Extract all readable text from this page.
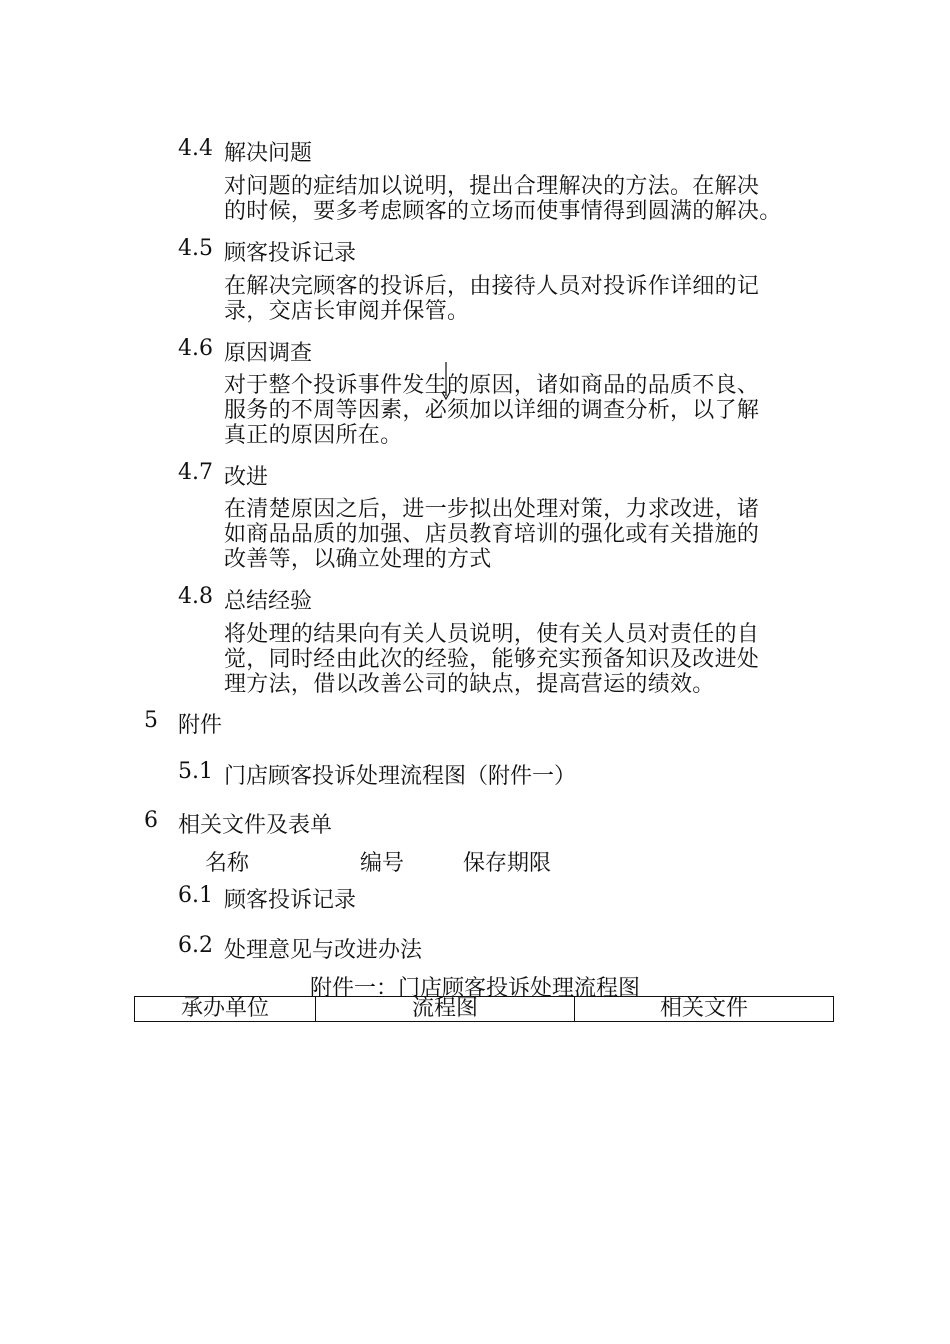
4.4 解决问题
对问题的症结加以说明，提出合理解决的方法。在解决
的时候，要多考虑顾客的立场而使事情得到圆满的解决。
4.5 顾客投诉记录
在解决完顾客的投诉后，由接待人员对投诉作详细的记
录，交店长审阅并保管。
4.6 原因调查
对于整个投诉事件发生的原因，诸如商品的品质不良、
服务的不周等因素，必须加以详细的调查分析，以了解
真正的原因所在。
4.7 改进
在清楚原因之后，进一步拟出处理对策，力求改进，诸
如商品品质的加强、店员教育培训的强化或有关措施的
改善等，以确立处理的方式
4.8 总结经验
将处理的结果向有关人员说明，使有关人员对责任的自
觉，同时经由此次的经验，能够充实预备知识及改进处
理方法，借以改善公司的缺点，提高营运的绩效。
5 附件
5.1 门店顾客投诉处理流程图（附件一）
6 相关文件及表单
名称	编号	保存期限
6.1 顾客投诉记录
6.2 处理意见与改进办法
附件一：门店顾客投诉处理流程图
承办单位	流程图	相关文件
